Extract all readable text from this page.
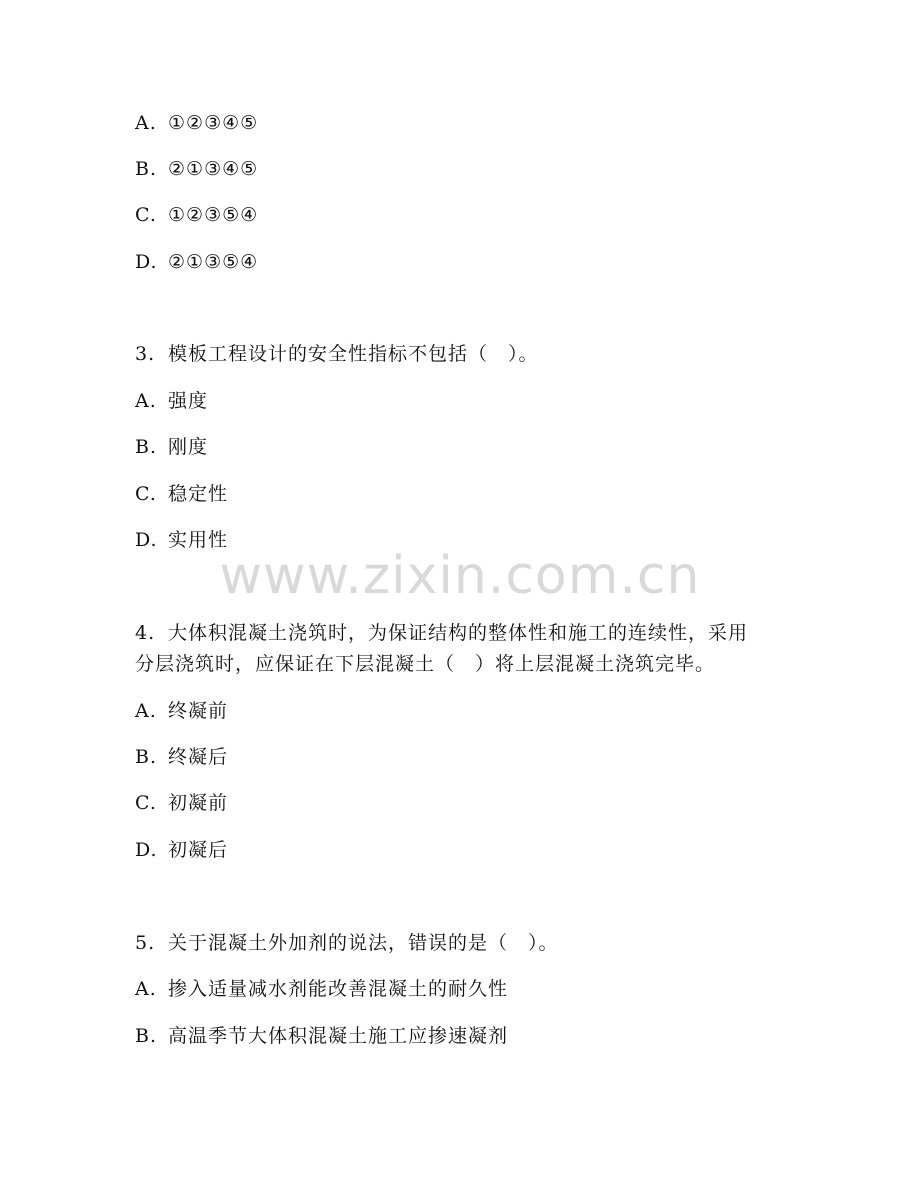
A. ①②③④⑤
B. ②①③④⑤
C. ①②③⑤④
D. ②①③⑤④
3. 模板工程设计的安全性指标不包括（　）。
A. 强度
B. 刚度
C. 稳定性
D. 实用性
www.zixin.com.cn
4. 大体积混凝土浇筑时，为保证结构的整体性和施工的连续性，采用
分层浇筑时，应保证在下层混凝土（　）将上层混凝土浇筑完毕。
A. 终凝前
B. 终凝后
C. 初凝前
D. 初凝后
5. 关于混凝土外加剂的说法，错误的是（　）。
A. 掺入适量减水剂能改善混凝土的耐久性
B. 高温季节大体积混凝土施工应掺速凝剂
